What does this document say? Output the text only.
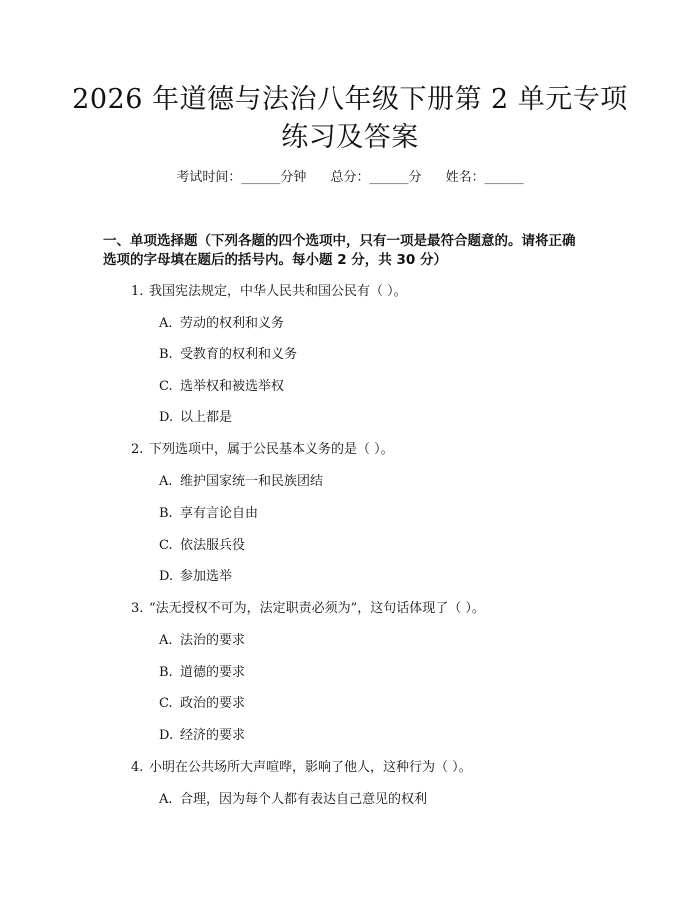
2026 年道德与法治八年级下册第 2 单元专项
练习及答案
考试时间：______分钟 总分：______分 姓名：______
一、单项选择题（下列各题的四个选项中，只有一项是最符合题意的。请将正确
选项的字母填在题后的括号内。每小题 2 分，共 30 分）
1. 我国宪法规定，中华人民共和国公民有（ ）。
A. 劳动的权利和义务
B. 受教育的权利和义务
C. 选举权和被选举权
D. 以上都是
2. 下列选项中，属于公民基本义务的是（ ）。
A. 维护国家统一和民族团结
B. 享有言论自由
C. 依法服兵役
D. 参加选举
3. “法无授权不可为，法定职责必须为”，这句话体现了（ ）。
A. 法治的要求
B. 道德的要求
C. 政治的要求
D. 经济的要求
4. 小明在公共场所大声喧哗，影响了他人，这种行为（ ）。
A. 合理，因为每个人都有表达自己意见的权利
